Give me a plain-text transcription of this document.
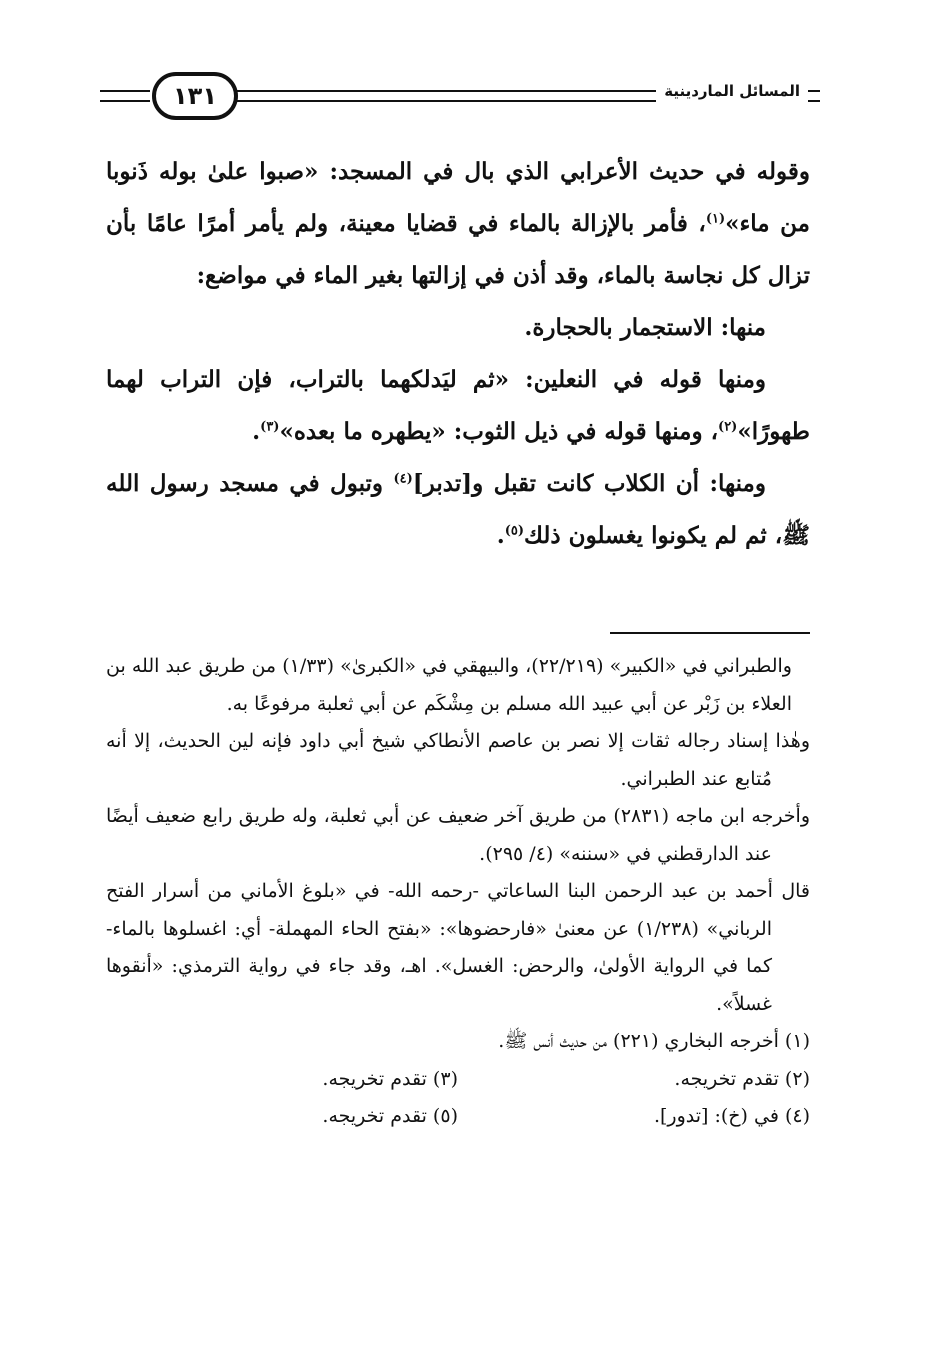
١٣١	المسائل الماردينية

وقوله في حديث الأعرابي الذي بال في المسجد: «صبوا علىٰ بوله ذَنوبا من ماء»$^{(١)}$، فأمر بالإزالة بالماء في قضايا معينة، ولم يأمر أمرًا عامًا بأن تزال كل نجاسة بالماء، وقد أذن في إزالتها بغير الماء في مواضع:

منها: الاستجمار بالحجارة.

ومنها قوله في النعلين: «ثم ليَدلكهما بالتراب، فإن التراب لهما طهورًا»$^{(٢)}$، ومنها قوله في ذيل الثوب: «يطهره ما بعده»$^{(٣)}$.

ومنها: أن الكلاب كانت تقبل و[تدبر]$^{(٤)}$ وتبول في مسجد رسول الله ﷺ، ثم لم يكونوا يغسلون ذلك$^{(٥)}$.

والطبراني في «الكبير» (٢٢/٢١٩)، والبيهقي في «الكبرىٰ» (١/٣٣) من طريق عبد الله بن العلاء بن زَبْر عن أبي عبيد الله مسلم بن مِشْكَم عن أبي ثعلبة مرفوعًا به.

وهٰذا إسناد رجاله ثقات إلا نصر بن عاصم الأنطاكي شيخ أبي داود فإنه لين الحديث، إلا أنه مُتابع عند الطبراني.

وأخرجه ابن ماجه (٢٨٣١) من طريق آخر ضعيف عن أبي ثعلبة، وله طريق رابع ضعيف أيضًا عند الدارقطني في «سننه» (٤/ ٢٩٥).

قال أحمد بن عبد الرحمن البنا الساعاتي -رحمه الله- في «بلوغ الأماني من أسرار الفتح الرباني» (١/٢٣٨) عن معنىٰ «فارحضوها»: «بفتح الحاء المهملة- أي: اغسلوها بالماء- كما في الرواية الأولىٰ، والرحض: الغسل». اهـ، وقد جاء في رواية الترمذي: «أنقوها غسلاً».

(١) أخرجه البخاري (٢٢١) من حديث أنس ﷺ.
(٢) تقدم تخريجه.
(٣) تقدم تخريجه.
(٤) في (خ): [تدور].
(٥) تقدم تخريجه.
